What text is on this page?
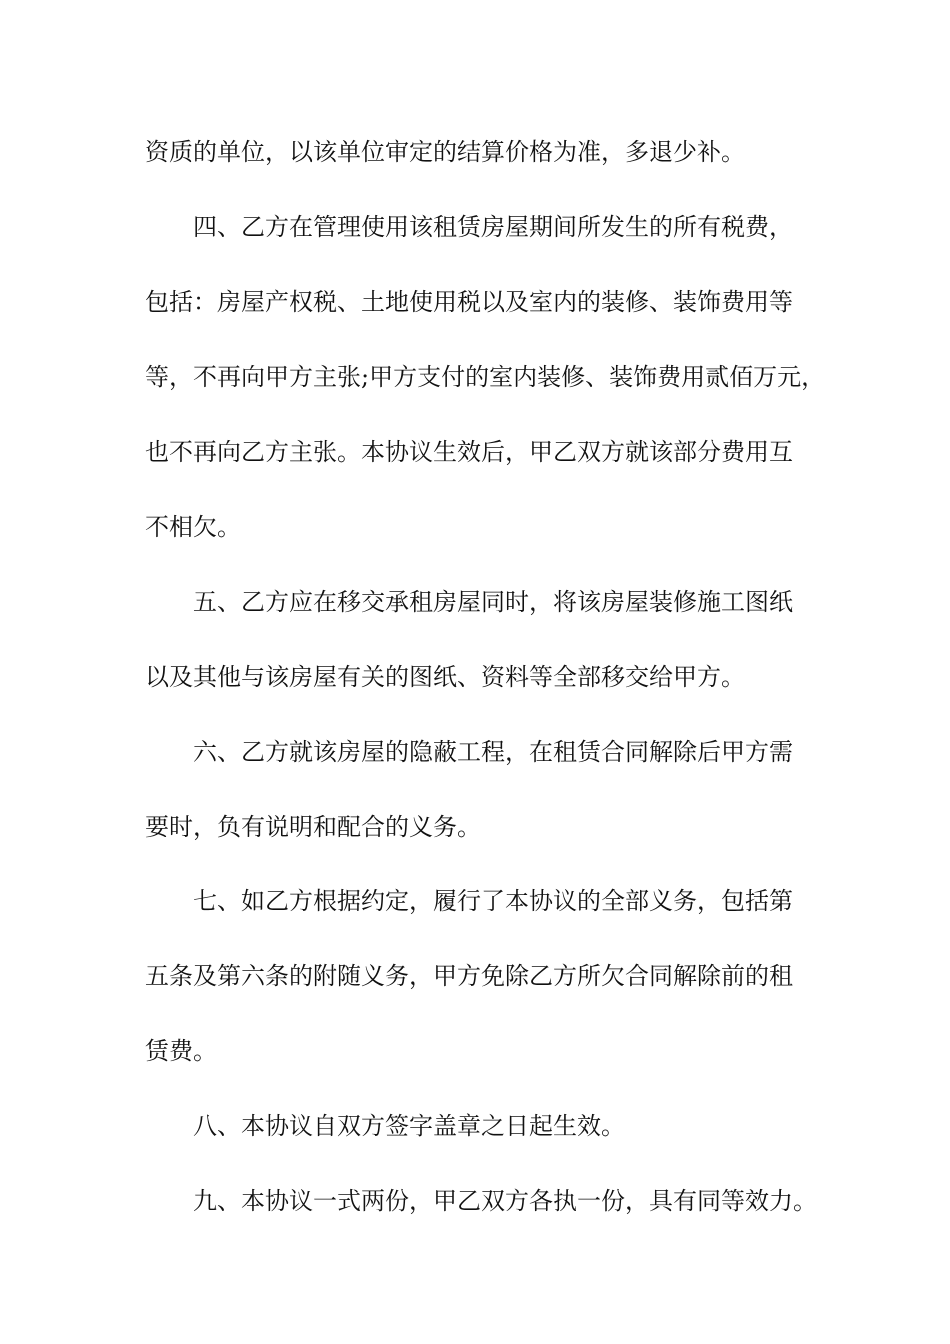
资质的单位，以该单位审定的结算价格为准，多退少补。

四、乙方在管理使用该租赁房屋期间所发生的所有税费，

包括：房屋产权税、土地使用税以及室内的装修、装饰费用等

等，不再向甲方主张;甲方支付的室内装修、装饰费用贰佰万元，

也不再向乙方主张。本协议生效后，甲乙双方就该部分费用互

不相欠。

五、乙方应在移交承租房屋同时，将该房屋装修施工图纸

以及其他与该房屋有关的图纸、资料等全部移交给甲方。

六、乙方就该房屋的隐蔽工程，在租赁合同解除后甲方需

要时，负有说明和配合的义务。

七、如乙方根据约定，履行了本协议的全部义务，包括第

五条及第六条的附随义务，甲方免除乙方所欠合同解除前的租

赁费。

八、本协议自双方签字盖章之日起生效。

九、本协议一式两份，甲乙双方各执一份，具有同等效力。
